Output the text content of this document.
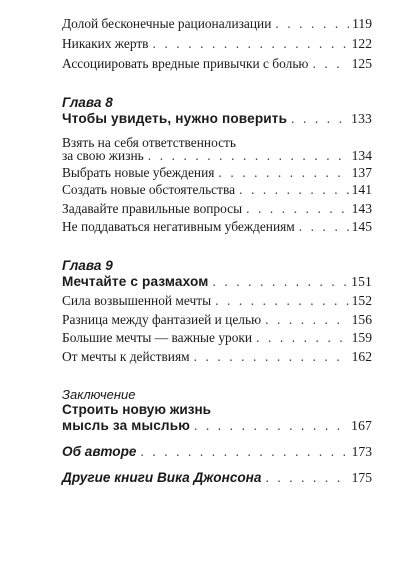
Долой бесконечные рационализации . . .	119
Никаких жертв . . .	122
Ассоциировать вредные привычки с болью . . .	125
Глава 8
Чтобы увидеть, нужно поверить . . .	133
Взять на себя ответственность
за свою жизнь . . .	134
Выбрать новые убеждения . . .	137
Создать новые обстоятельства . . .	141
Задавайте правильные вопросы . . .	143
Не поддаваться негативным убеждениям . . .	145
Глава 9
Мечтайте с размахом . . .	151
Сила возвышенной мечты . . .	152
Разница между фантазией и целью . . .	156
Большие мечты — важные уроки . . .	159
От мечты к действиям . . .	162
Заключение
Строить новую жизнь
мысль за мыслью . . .	167
Об авторе . . .	173
Другие книги Вика Джонсона . . .	175
